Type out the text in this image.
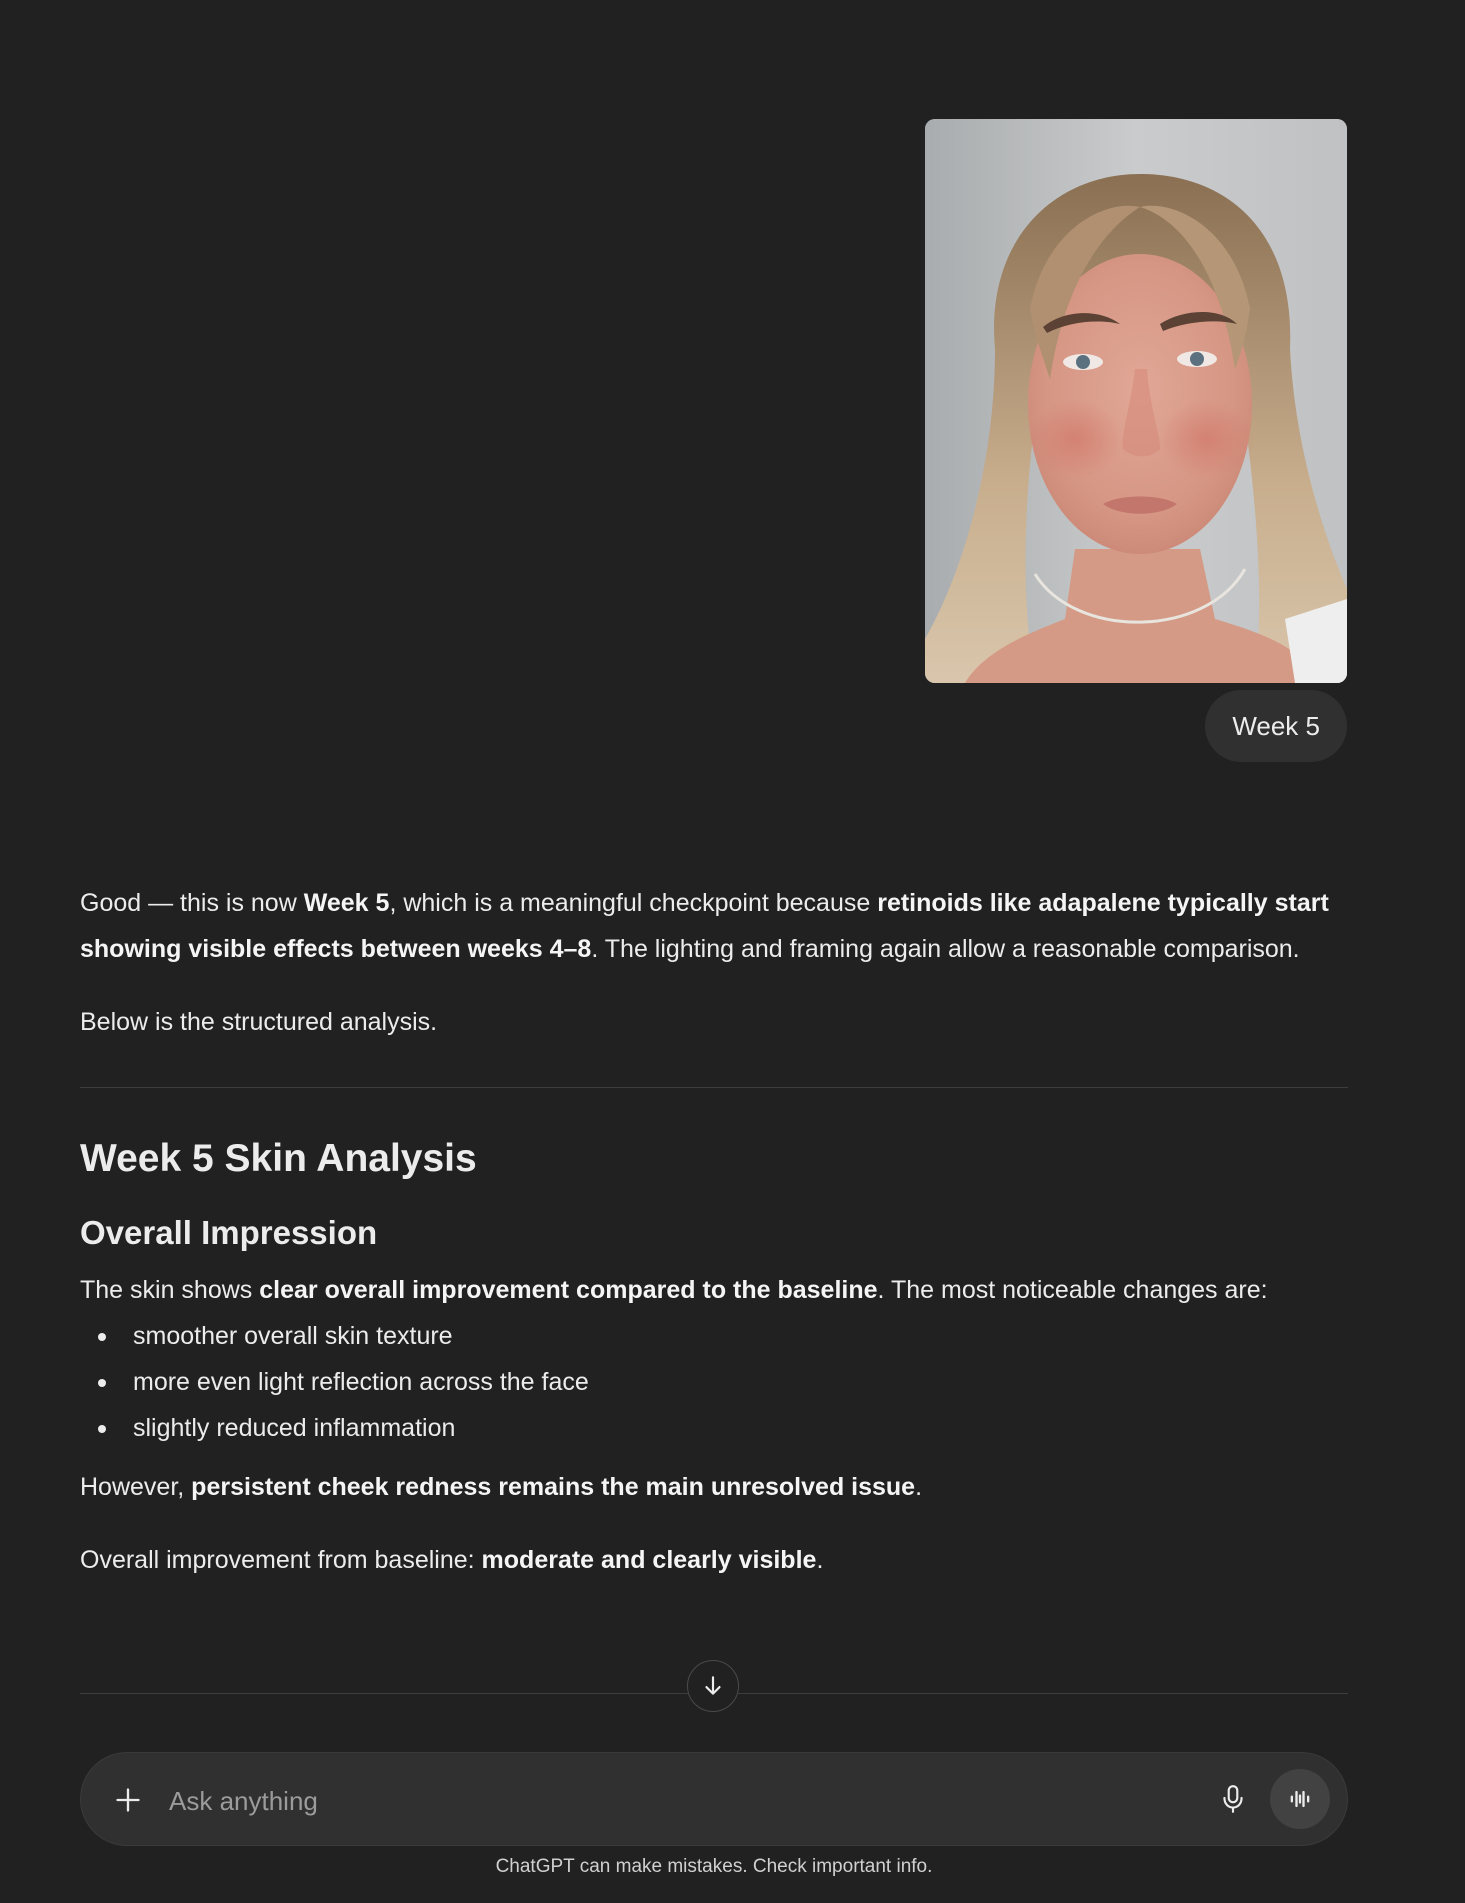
Week 5

Good — this is now Week 5, which is a meaningful checkpoint because retinoids like adapalene typically start showing visible effects between weeks 4–8. The lighting and framing again allow a reasonable comparison.

Below is the structured analysis.

Week 5 Skin Analysis
Overall Impression

The skin shows clear overall improvement compared to the baseline. The most noticeable changes are:

smoother overall skin texture
more even light reflection across the face
slightly reduced inflammation

However, persistent cheek redness remains the main unresolved issue.

Overall improvement from baseline: moderate and clearly visible.

Ask anything
ChatGPT can make mistakes. Check important info.
